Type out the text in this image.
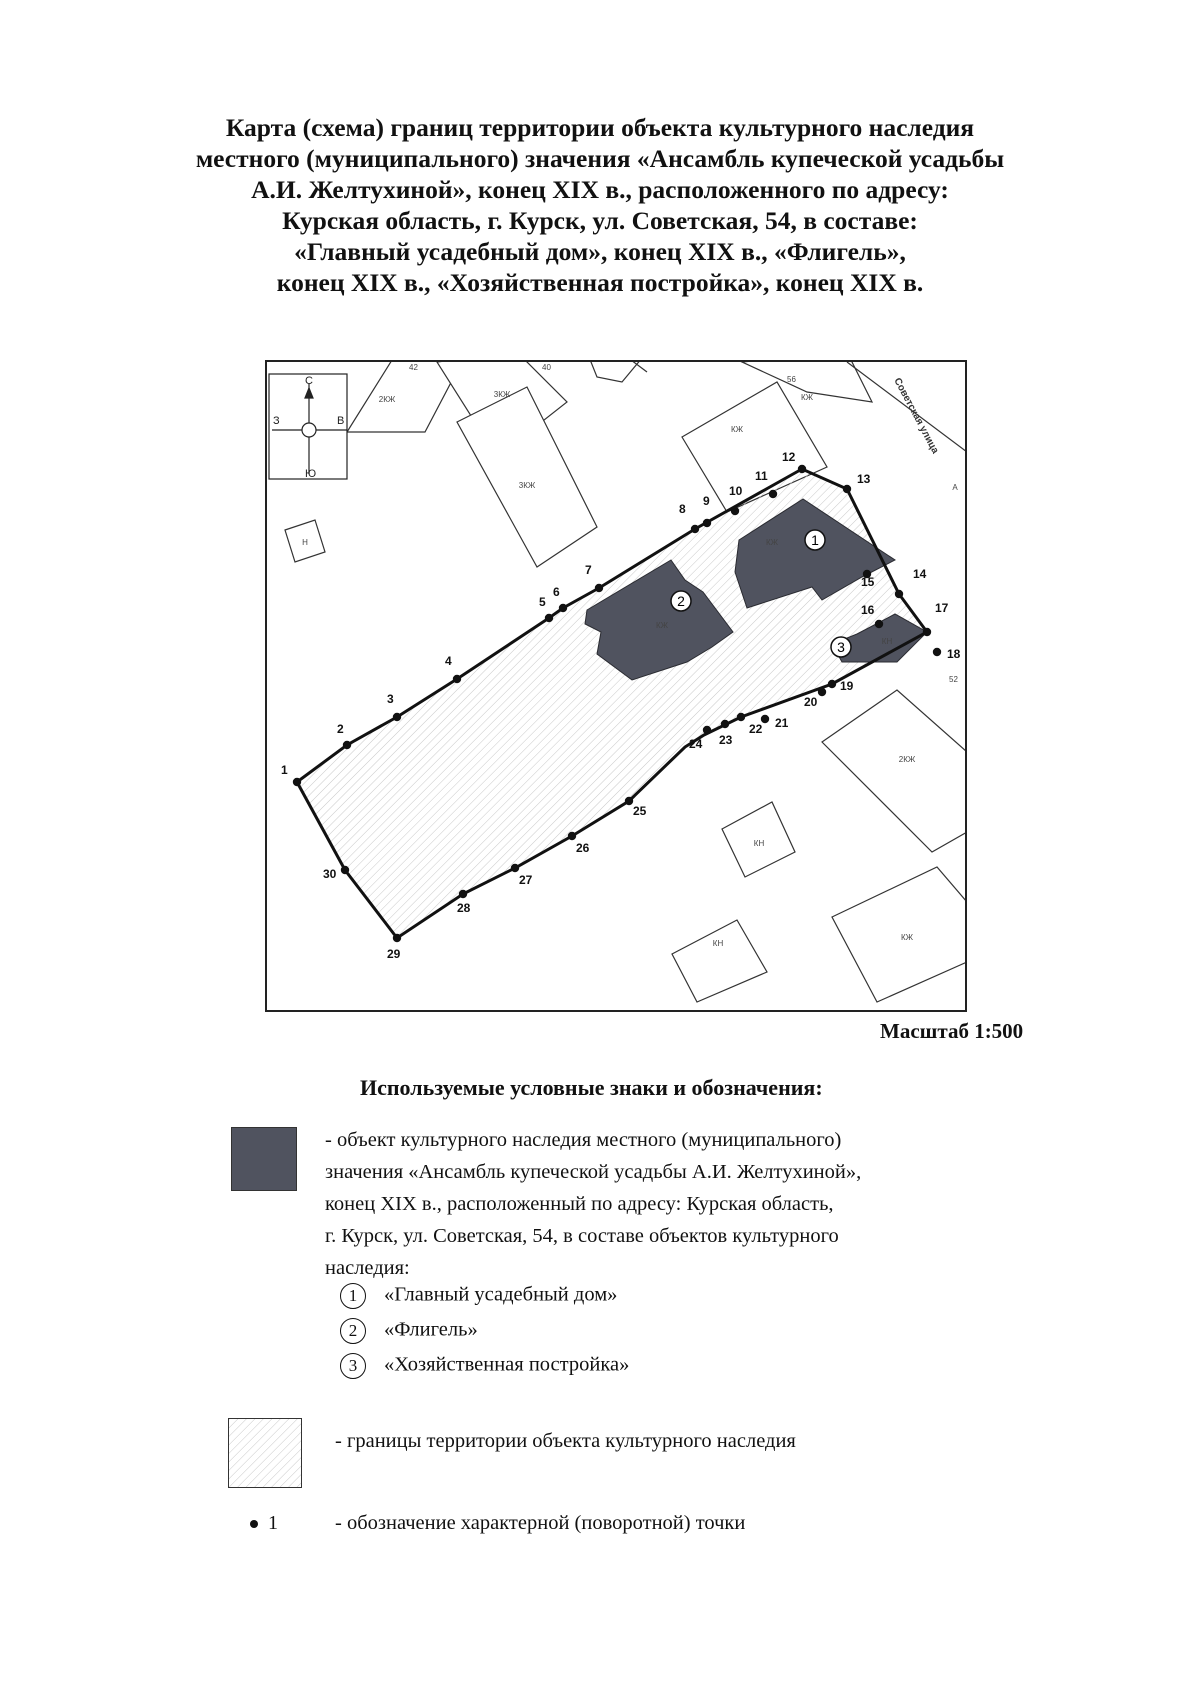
Карта (схема) границ территории объекта культурного наследия
местного (муниципального) значения «Ансамбль купеческой усадьбы
А.И. Желтухиной», конец XIX в., расположенного по адресу:
Курская область, г. Курск, ул. Советская, 54, в составе:
«Главный усадебный дом», конец XIX в., «Флигель»,
конец XIX в., «Хозяйственная постройка», конец XIX в.
С
Ю
З	В
1
2
3
2КЖ
3КЖ
3КЖ
КЖ
Н	КЖ
КН
2КЖ
КН
КЖ
КЖ
КЖ
КН
А
42	40
56
52
Советская улица
1
2
3
4
5
6
7
8
9
10
11
12
13
14
15
16	17
18
19
20
21
22
23
24
25
26
27
28
29
30
Масштаб 1:500
Используемые условные знаки и обозначения:
- объект культурного наследия местного (муниципального)
значения «Ансамбль купеческой усадьбы А.И. Желтухиной»,
конец XIX в., расположенный по адресу: Курская область,
г. Курск, ул. Советская, 54, в составе объектов культурного
наследия:
1 «Главный усадебный дом»
2 «Флигель»
3 «Хозяйственная постройка»
- границы территории объекта культурного наследия
1	- обозначение характерной (поворотной) точки
